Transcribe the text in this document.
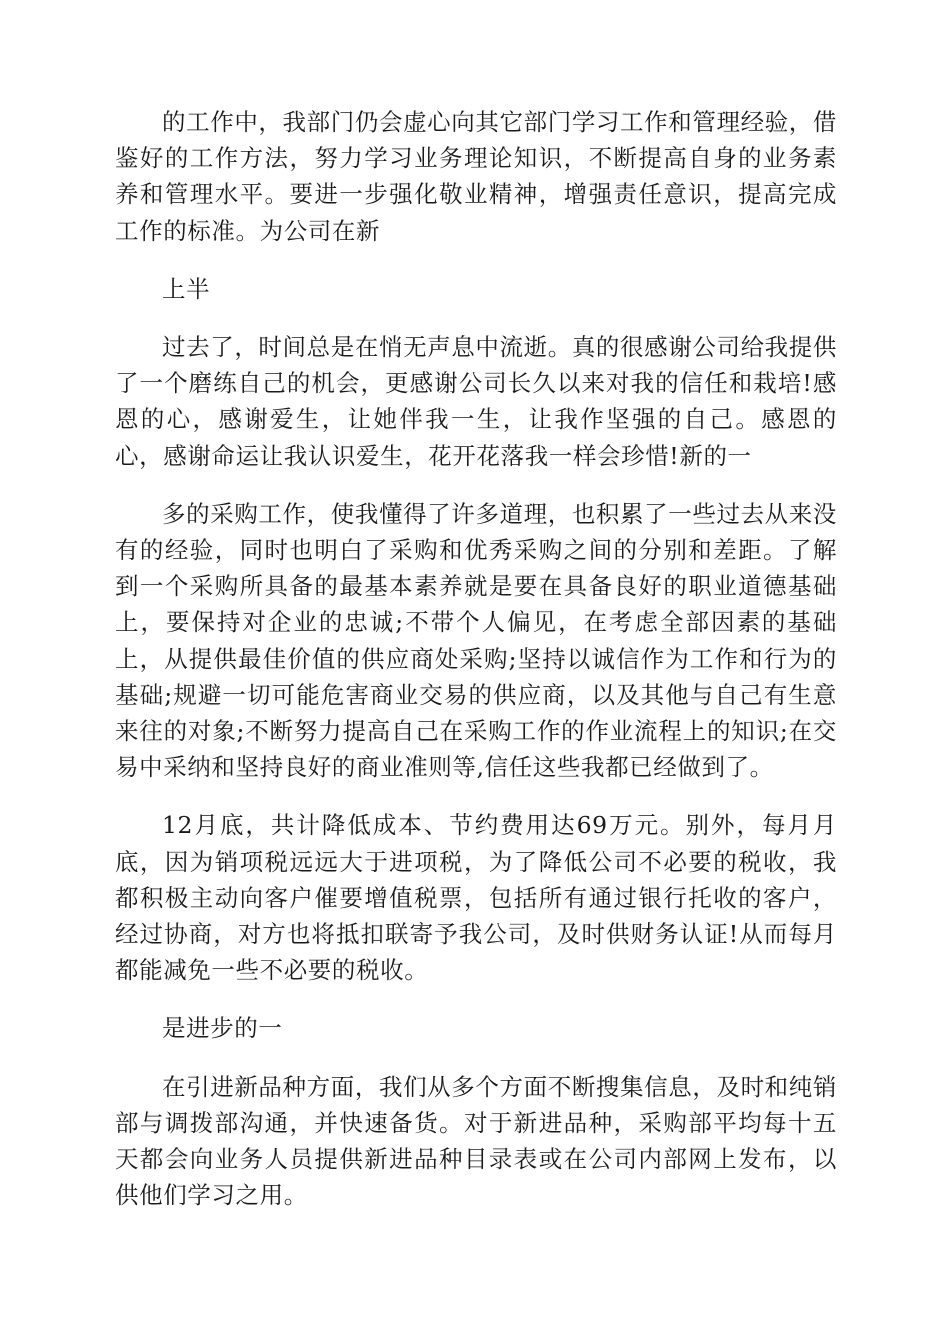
的工作中，我部门仍会虚心向其它部门学习工作和管理经验，借鉴好的工作方法，努力学习业务理论知识，不断提高自身的业务素养和管理水平。要进一步强化敬业精神，增强责任意识，提高完成工作的标准。为公司在新

上半

过去了，时间总是在悄无声息中流逝。真的很感谢公司给我提供了一个磨练自己的机会，更感谢公司长久以来对我的信任和栽培!感恩的心，感谢爱生，让她伴我一生，让我作坚强的自己。感恩的心，感谢命运让我认识爱生，花开花落我一样会珍惜!新的一

多的采购工作，使我懂得了许多道理，也积累了一些过去从来没有的经验，同时也明白了采购和优秀采购之间的分别和差距。了解到一个采购所具备的最基本素养就是要在具备良好的职业道德基础上，要保持对企业的忠诚;不带个人偏见，在考虑全部因素的基础上，从提供最佳价值的供应商处采购;坚持以诚信作为工作和行为的基础;规避一切可能危害商业交易的供应商，以及其他与自己有生意来往的对象;不断努力提高自己在采购工作的作业流程上的知识;在交易中采纳和坚持良好的商业准则等,信任这些我都已经做到了。

12月底，共计降低成本、节约费用达69万元。别外，每月月底，因为销项税远远大于进项税，为了降低公司不必要的税收，我都积极主动向客户催要增值税票，包括所有通过银行托收的客户，经过协商，对方也将抵扣联寄予我公司，及时供财务认证!从而每月都能减免一些不必要的税收。

是进步的一

在引进新品种方面，我们从多个方面不断搜集信息，及时和纯销部与调拨部沟通，并快速备货。对于新进品种，采购部平均每十五天都会向业务人员提供新进品种目录表或在公司内部网上发布，以供他们学习之用。
